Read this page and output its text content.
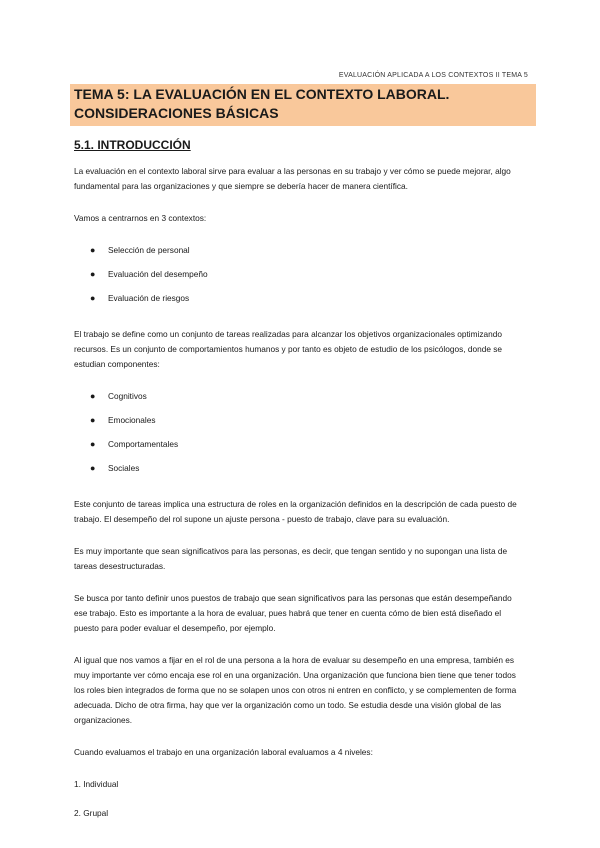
EVALUACIÓN APLICADA A LOS CONTEXTOS II TEMA 5
TEMA 5: LA EVALUACIÓN EN EL CONTEXTO LABORAL. CONSIDERACIONES BÁSICAS
5.1. INTRODUCCIÓN

La evaluación en el contexto laboral sirve para evaluar a las personas en su trabajo y ver cómo se puede mejorar, algo fundamental para las organizaciones y que siempre se debería hacer de manera científica.

Vamos a centrarnos en 3 contextos:

● Selección de personal
● Evaluación del desempeño
● Evaluación de riesgos

El trabajo se define como un conjunto de tareas realizadas para alcanzar los objetivos organizacionales optimizando recursos. Es un conjunto de comportamientos humanos y por tanto es objeto de estudio de los psicólogos, donde se estudian componentes:

● Cognitivos
● Emocionales
● Comportamentales
● Sociales

Este conjunto de tareas implica una estructura de roles en la organización definidos en la descripción de cada puesto de trabajo. El desempeño del rol supone un ajuste persona - puesto de trabajo, clave para su evaluación.

Es muy importante que sean significativos para las personas, es decir, que tengan sentido y no supongan una lista de tareas desestructuradas.

Se busca por tanto definir unos puestos de trabajo que sean significativos para las personas que están desempeñando ese trabajo. Esto es importante a la hora de evaluar, pues habrá que tener en cuenta cómo de bien está diseñado el puesto para poder evaluar el desempeño, por ejemplo.

Al igual que nos vamos a fijar en el rol de una persona a la hora de evaluar su desempeño en una empresa, también es muy importante ver cómo encaja ese rol en una organización. Una organización que funciona bien tiene que tener todos los roles bien integrados de forma que no se solapen unos con otros ni entren en conflicto, y se complementen de forma adecuada. Dicho de otra firma, hay que ver la organización como un todo. Se estudia desde una visión global de las organizaciones.

Cuando evaluamos el trabajo en una organización laboral evaluamos a 4 niveles:

1. Individual
2. Grupal
